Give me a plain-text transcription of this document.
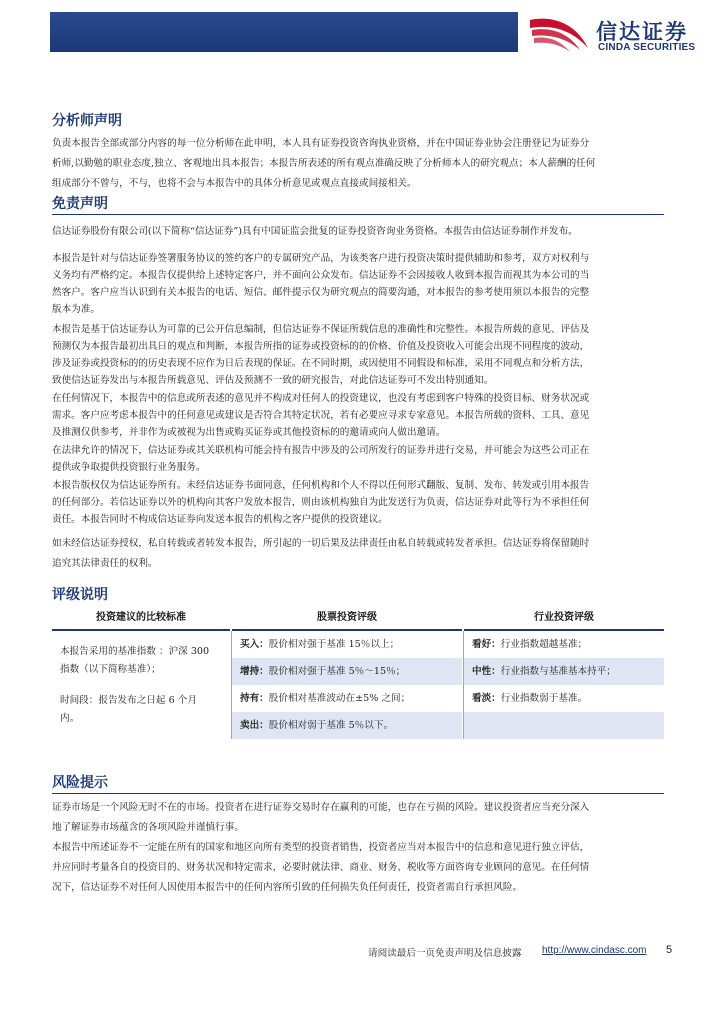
信达证券
CINDA SECURITIES
分析师声明
负责本报告全部或部分内容的每一位分析师在此申明，本人具有证券投资咨询执业资格，并在中国证券业协会注册登记为证券分
析师,以勤勉的职业态度,独立、客观地出具本报告；本报告所表述的所有观点准确反映了分析师本人的研究观点；本人薪酬的任何
组成部分不曾与，不与，也将不会与本报告中的具体分析意见或观点直接或间接相关。
免责声明
信达证券股份有限公司(以下简称“信达证券”)具有中国证监会批复的证券投资咨询业务资格。本报告由信达证券制作并发布。
本报告是针对与信达证券签署服务协议的签约客户的专属研究产品，为该类客户进行投资决策时提供辅助和参考，双方对权利与
义务均有严格约定。本报告仅提供给上述特定客户，并不面向公众发布。信达证券不会因接收人收到本报告而视其为本公司的当
然客户。客户应当认识到有关本报告的电话、短信、邮件提示仅为研究观点的简要沟通，对本报告的参考使用须以本报告的完整
版本为准。
本报告是基于信达证券认为可靠的已公开信息编制，但信达证券不保证所载信息的准确性和完整性。本报告所载的意见、评估及
预测仅为本报告最初出具日的观点和判断，本报告所指的证券或投资标的的价格、价值及投资收入可能会出现不同程度的波动，
涉及证券或投资标的的历史表现不应作为日后表现的保证。在不同时期，或因使用不同假设和标准，采用不同观点和分析方法，
致使信达证券发出与本报告所载意见、评估及预测不一致的研究报告，对此信达证券可不发出特别通知。
在任何情况下，本报告中的信息或所表述的意见并不构成对任何人的投资建议，也没有考虑到客户特殊的投资目标、财务状况或
需求。客户应考虑本报告中的任何意见或建议是否符合其特定状况，若有必要应寻求专家意见。本报告所载的资料、工具、意见
及推测仅供参考，并非作为或被视为出售或购买证券或其他投资标的的邀请或向人做出邀请。
在法律允许的情况下，信达证券或其关联机构可能会持有报告中涉及的公司所发行的证券并进行交易，并可能会为这些公司正在
提供或争取提供投资银行业务服务。
本报告版权仅为信达证券所有。未经信达证券书面同意，任何机构和个人不得以任何形式翻版、复制、发布、转发或引用本报告
的任何部分。若信达证券以外的机构向其客户发放本报告，则由该机构独自为此发送行为负责，信达证券对此等行为不承担任何
责任。本报告同时不构成信达证券向发送本报告的机构之客户提供的投资建议。
如未经信达证券授权，私自转载或者转发本报告，所引起的一切后果及法律责任由私自转载或转发者承担。信达证券将保留随时
追究其法律责任的权利。
评级说明
投资建议的比较标准	股票投资评级	行业投资评级
本报告采用的基准指数 ：沪深 300
指数（以下简称基准）；
时间段：报告发布之日起 6 个月
内。
买入：股价相对强于基准 15％以上；
增持：股价相对强于基准 5％～15％；
持有：股价相对基准波动在±5% 之间；
卖出：股价相对弱于基准 5％以下。
看好：行业指数超越基准；
中性：行业指数与基准基本持平；
看淡：行业指数弱于基准。
风险提示
证券市场是一个风险无时不在的市场。投资者在进行证券交易时存在赢利的可能，也存在亏损的风险。建议投资者应当充分深入
地了解证券市场蕴含的各项风险并谨慎行事。
本报告中所述证券不一定能在所有的国家和地区向所有类型的投资者销售，投资者应当对本报告中的信息和意见进行独立评估，
并应同时考量各自的投资目的、财务状况和特定需求，必要时就法律、商业、财务、税收等方面咨询专业顾问的意见。在任何情
况下，信达证券不对任何人因使用本报告中的任何内容所引致的任何损失负任何责任，投资者需自行承担风险。
请阅读最后一页免责声明及信息披露 http://www.cindasc.com 5
